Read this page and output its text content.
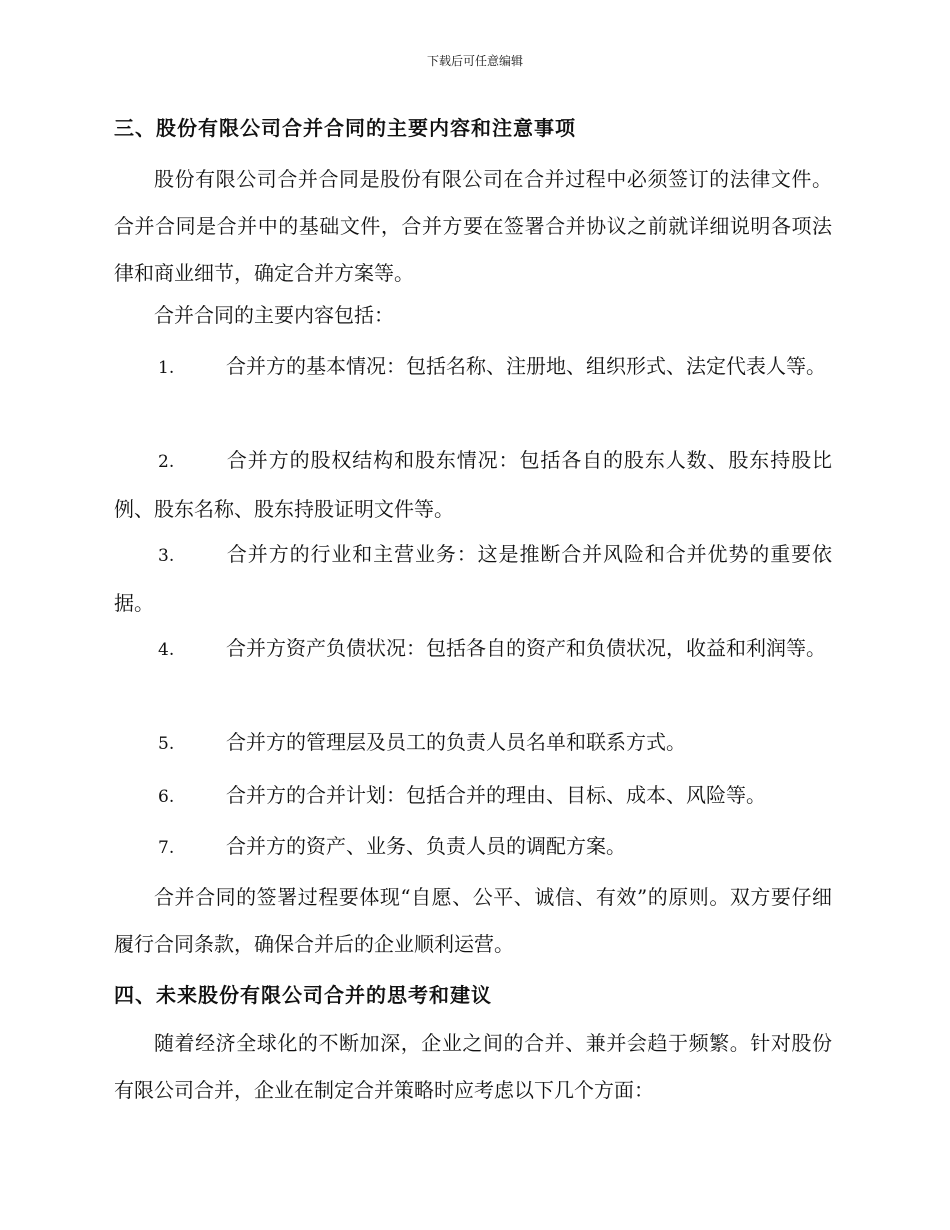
下载后可任意编辑
三、股份有限公司合并合同的主要内容和注意事项

股份有限公司合并合同是股份有限公司在合并过程中必须签订的法律文件。合并合同是合并中的基础文件，合并方要在签署合并协议之前就详细说明各项法律和商业细节，确定合并方案等。

合并合同的主要内容包括：

1.	合并方的基本情况：包括名称、注册地、组织形式、法定代表人等。
2.	合并方的股权结构和股东情况：包括各自的股东人数、股东持股比例、股东名称、股东持股证明文件等。
3.	合并方的行业和主营业务：这是推断合并风险和合并优势的重要依据。
4.	合并方资产负债状况：包括各自的资产和负债状况，收益和利润等。
5.	合并方的管理层及员工的负责人员名单和联系方式。
6.	合并方的合并计划：包括合并的理由、目标、成本、风险等。
7.	合并方的资产、业务、负责人员的调配方案。

合并合同的签署过程要体现“自愿、公平、诚信、有效”的原则。双方要仔细履行合同条款，确保合并后的企业顺利运营。

四、未来股份有限公司合并的思考和建议

随着经济全球化的不断加深，企业之间的合并、兼并会趋于频繁。针对股份有限公司合并，企业在制定合并策略时应考虑以下几个方面：
